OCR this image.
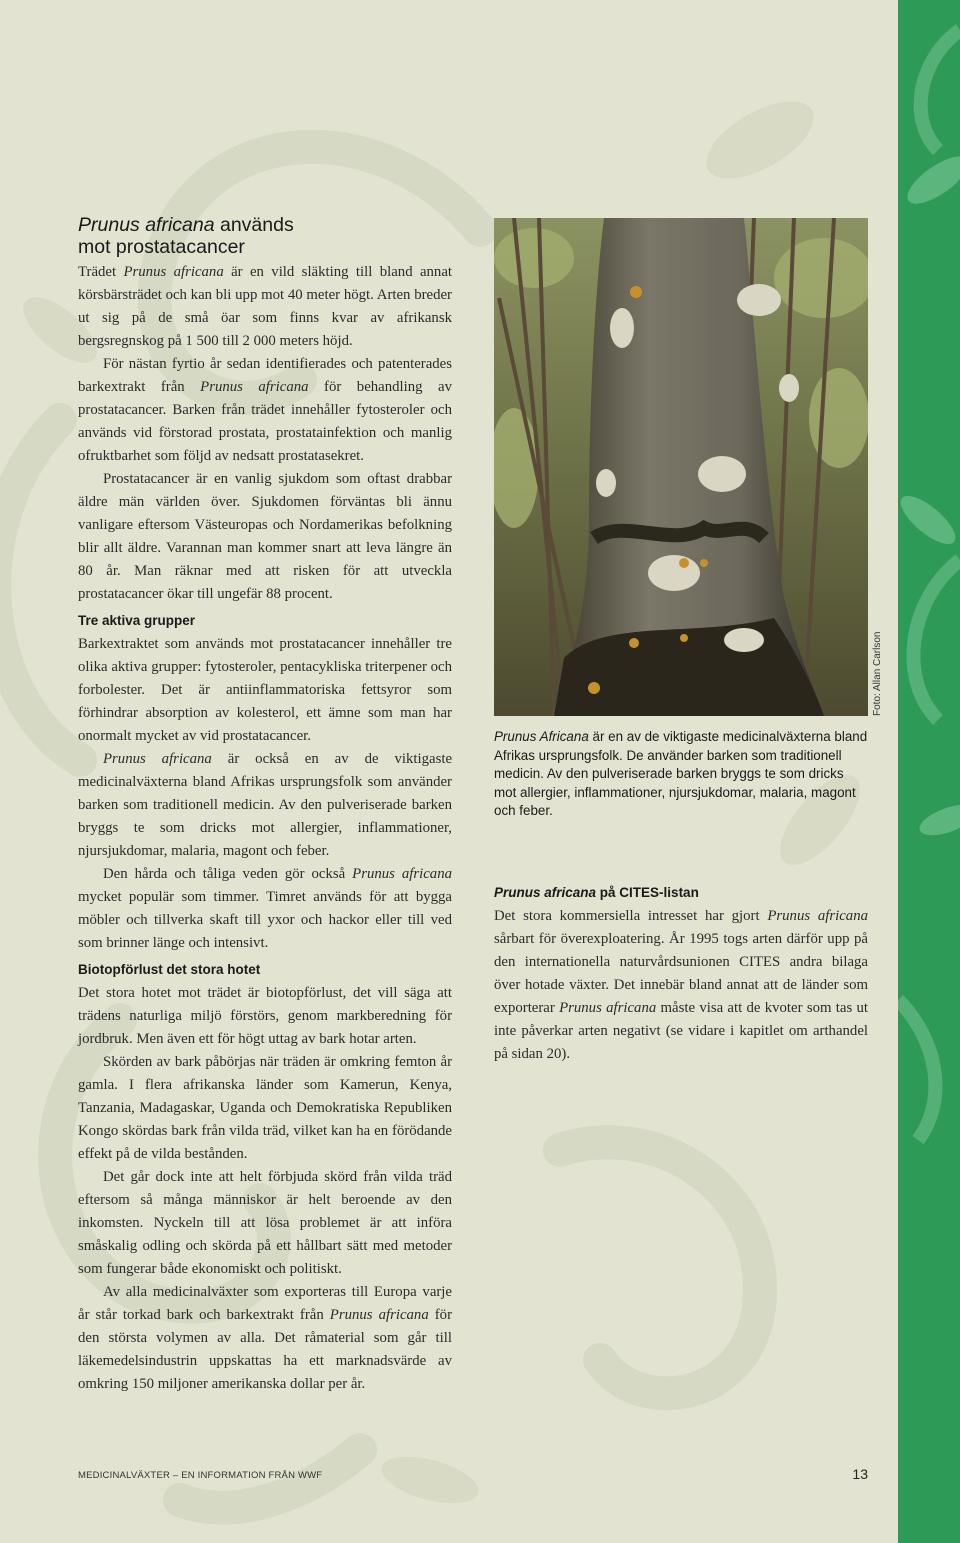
Prunus africana används
mot prostatacancer

Trädet Prunus africana är en vild släkting till bland annat körsbärsträdet och kan bli upp mot 40 meter högt. Arten breder ut sig på de små öar som finns kvar av afrikansk bergsregnskog på 1 500 till 2 000 meters höjd.

För nästan fyrtio år sedan identifierades och patenterades barkextrakt från Prunus africana för behandling av prostatacancer. Barken från trädet innehåller fytosteroler och används vid förstorad prostata, prostatainfektion och manlig ofruktbarhet som följd av nedsatt prostatasekret.

Prostatacancer är en vanlig sjukdom som oftast drabbar äldre män världen över. Sjukdomen förväntas bli ännu vanligare eftersom Västeuropas och Nordamerikas befolkning blir allt äldre. Varannan man kommer snart att leva längre än 80 år. Man räknar med att risken för att utveckla prostatacancer ökar till ungefär 88 procent.

Tre aktiva grupper

Barkextraktet som används mot prostatacancer innehåller tre olika aktiva grupper: fytosteroler, pentacykliska triterpener och forbolester. Det är antiinflammatoriska fettsyror som förhindrar absorption av kolesterol, ett ämne som man har onormalt mycket av vid prostatacancer.

Prunus africana är också en av de viktigaste medicinalväxterna bland Afrikas ursprungsfolk som använder barken som traditionell medicin. Av den pulveriserade barken bryggs te som dricks mot allergier, inflammationer, njursjukdomar, malaria, magont och feber.

Den hårda och tåliga veden gör också Prunus africana mycket populär som timmer. Timret används för att bygga möbler och tillverka skaft till yxor och hackor eller till ved som brinner länge och intensivt.

Biotopförlust det stora hotet

Det stora hotet mot trädet är biotopförlust, det vill säga att trädens naturliga miljö förstörs, genom markberedning för jordbruk. Men även ett för högt uttag av bark hotar arten.

Skörden av bark påbörjas när träden är omkring femton år gamla. I flera afrikanska länder som Kamerun, Kenya, Tanzania, Madagaskar, Uganda och Demokratiska Republiken Kongo skördas bark från vilda träd, vilket kan ha en förödande effekt på de vilda bestånden.

Det går dock inte att helt förbjuda skörd från vilda träd eftersom så många människor är helt beroende av den inkomsten. Nyckeln till att lösa problemet är att införa småskalig odling och skörda på ett hållbart sätt med metoder som fungerar både ekonomiskt och politiskt.

Av alla medicinalväxter som exporteras till Europa varje år står torkad bark och barkextrakt från Prunus africana för den största volymen av alla. Det råmaterial som går till läkemedelsindustrin uppskattas ha ett marknadsvärde av omkring 150 miljoner amerikanska dollar per år.

Foto: Allan Carlson
Prunus Africana är en av de viktigaste medicinalväxterna bland Afrikas ursprungsfolk. De använder barken som traditionell medicin. Av den pulveriserade barken bryggs te som dricks mot allergier, inflammationer, njursjukdomar, malaria, magont och feber.
Prunus africana på CITES-listan

Det stora kommersiella intresset har gjort Prunus africana sårbart för överexploatering. År 1995 togs arten därför upp på den internationella naturvårdsunionen CITES andra bilaga över hotade växter. Det innebär bland annat att de länder som exporterar Prunus africana måste visa att de kvoter som tas ut inte påverkar arten negativt (se vidare i kapitlet om arthandel på sidan 20).

MEDICINALVÄXTER – EN INFORMATION FRÅN WWF	13
